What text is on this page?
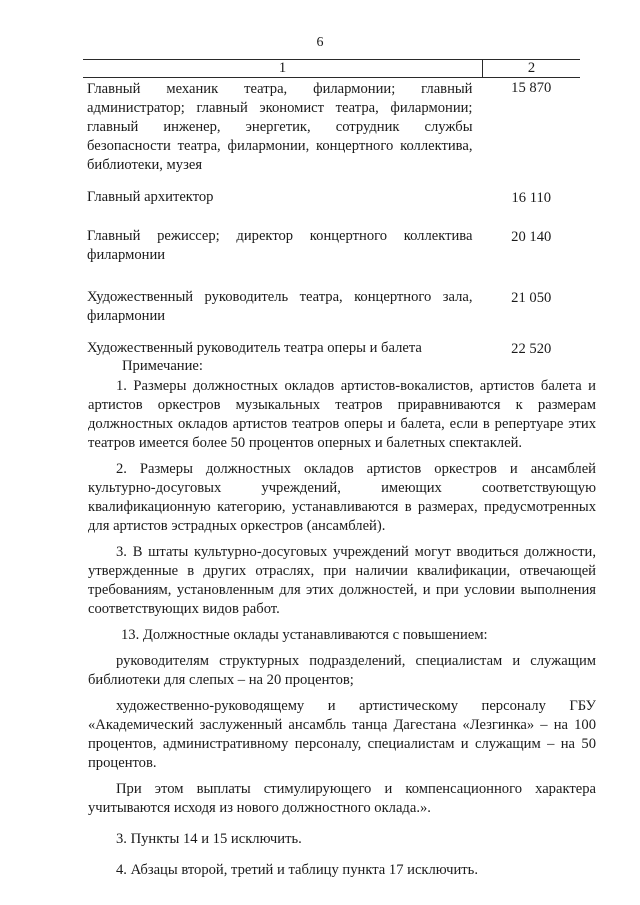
6
1	2
Главный механик театра, филармонии; главный администратор; главный экономист театра, филармонии; главный инженер, энергетик, сотрудник службы безопасности театра, филармонии, концертного коллектива, библиотеки, музея	15 870
Главный архитектор	16 110
Главный режиссер; директор концертного коллектива филармонии	20 140
Художественный руководитель театра, концертного зала, филармонии	21 050
Художественный руководитель театра оперы и балета	22 520

Примечание:

1. Размеры должностных окладов артистов-вокалистов, артистов балета и артистов оркестров музыкальных театров приравниваются к размерам должностных окладов артистов театров оперы и балета, если в репертуаре этих театров имеется более 50 процентов оперных и балетных спектаклей.

2. Размеры должностных окладов артистов оркестров и ансамблей культурно-досуговых учреждений, имеющих соответствующую квалификационную категорию, устанавливаются в размерах, предусмотренных для артистов эстрадных оркестров (ансамблей).

3. В штаты культурно-досуговых учреждений могут вводиться должности, утвержденные в других отраслях, при наличии квалификации, отвечающей требованиям, установленным для этих должностей, и при условии выполнения соответствующих видов работ.

13. Должностные оклады устанавливаются с повышением:

руководителям структурных подразделений, специалистам и служащим библиотеки для слепых – на 20 процентов;

художественно-руководящему и артистическому персоналу ГБУ «Академический заслуженный ансамбль танца Дагестана «Лезгинка» – на 100 процентов, административному персоналу, специалистам и служащим – на 50 процентов.

При этом выплаты стимулирующего и компенсационного характера учитываются исходя из нового должностного оклада.».

3. Пункты 14 и 15 исключить.

4. Абзацы второй, третий и таблицу пункта 17 исключить.
